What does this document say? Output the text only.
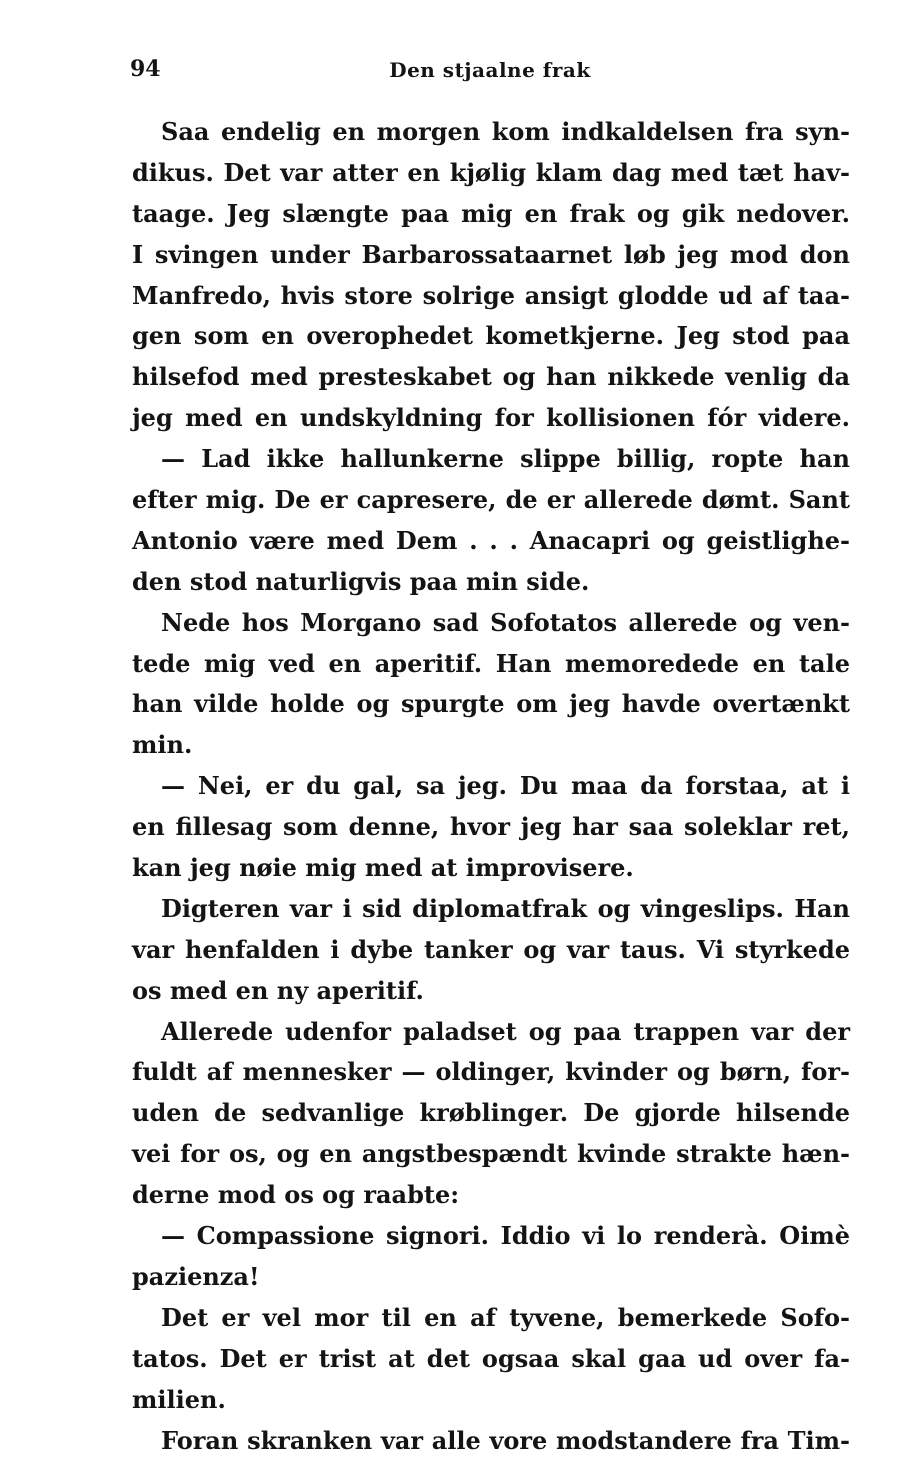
94	Den stjaalne frak
Saa endelig en morgen kom indkaldelsen fra syn-
dikus. Det var atter en kjølig klam dag med tæt hav-
taage. Jeg slængte paa mig en frak og gik nedover.
I svingen under Barbarossataarnet løb jeg mod don
Manfredo, hvis store solrige ansigt glodde ud af taa-
gen som en overophedet kometkjerne. Jeg stod paa
hilsefod med presteskabet og han nikkede venlig da
jeg med en undskyldning for kollisionen fór videre.
— Lad ikke hallunkerne slippe billig, ropte han
efter mig. De er capresere, de er allerede dømt. Sant
Antonio være med Dem . . . Anacapri og geistlighe-
den stod naturligvis paa min side.
Nede hos Morgano sad Sofotatos allerede og ven-
tede mig ved en aperitif. Han memoredede en tale
han vilde holde og spurgte om jeg havde overtænkt
min.
— Nei, er du gal, sa jeg. Du maa da forstaa, at i
en fillesag som denne, hvor jeg har saa soleklar ret,
kan jeg nøie mig med at improvisere.
Digteren var i sid diplomatfrak og vingeslips. Han
var henfalden i dybe tanker og var taus. Vi styrkede
os med en ny aperitif.
Allerede udenfor paladset og paa trappen var der
fuldt af mennesker — oldinger, kvinder og børn, for-
uden de sedvanlige krøblinger. De gjorde hilsende
vei for os, og en angstbespændt kvinde strakte hæn-
derne mod os og raabte:
— Compassione signori. Iddio vi lo renderà. Oimè
pazienza!
Det er vel mor til en af tyvene, bemerkede Sofo-
tatos. Det er trist at det ogsaa skal gaa ud over fa-
milien.
Foran skranken var alle vore modstandere fra Tim-
